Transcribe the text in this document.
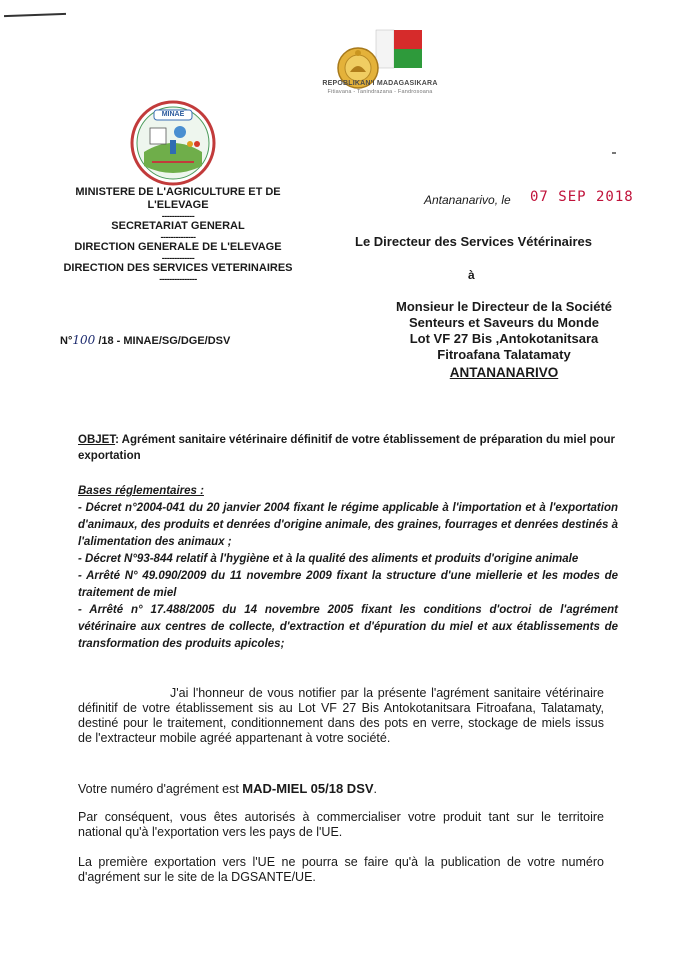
REPOBLIKAN'I MADAGASIKARA
Fitiavana - Tanindrazana - Fandrosoana
MINAE
MINISTERE DE L'AGRICULTURE ET DE L'ELEVAGE
-------------
SECRETARIAT GENERAL
--------------
DIRECTION GENERALE DE L'ELEVAGE
-------------
DIRECTION DES SERVICES VETERINAIRES
---------------
N°100 /18 - MINAE/SG/DGE/DSV
Antananarivo, le 07 SEP 2018
Le Directeur des Services Vétérinaires
à
Monsieur le Directeur de la Société
Senteurs et Saveurs du Monde
Lot VF 27 Bis ,Antokotanitsara
Fitroafana Talatamaty
ANTANANARIVO
OBJET: Agrément sanitaire vétérinaire définitif de votre établissement de préparation du miel pour exportation

Bases réglementaires :

- Décret n°2004-041 du 20 janvier 2004 fixant le régime applicable à l'importation et à l'exportation d'animaux, des produits et denrées d'origine animale, des graines, fourrages et denrées destinés à l'alimentation des animaux ;

- Décret N°93-844 relatif à l'hygiène et à la qualité des aliments et produits d'origine animale

- Arrêté N° 49.090/2009 du 11 novembre 2009 fixant la structure d'une miellerie et les modes de traitement de miel

- Arrêté n° 17.488/2005 du 14 novembre 2005 fixant les conditions d'octroi de l'agrément vétérinaire aux centres de collecte, d'extraction et d'épuration du miel et aux établissements de transformation des produits apicoles;

J'ai l'honneur de vous notifier par la présente l'agrément sanitaire vétérinaire définitif de votre établissement sis au Lot VF 27 Bis Antokotanitsara Fitroafana, Talatamaty, destiné pour le traitement, conditionnement dans des pots en verre, stockage de miels issus de l'extracteur mobile agréé appartenant à votre société.
Votre numéro d'agrément est MAD-MIEL 05/18 DSV.
Par conséquent, vous êtes autorisés à commercialiser votre produit tant sur le territoire national qu'à l'exportation vers les pays de l'UE.
La première exportation vers l'UE ne pourra se faire qu'à la publication de votre numéro d'agrément sur le site de la DGSANTE/UE.
